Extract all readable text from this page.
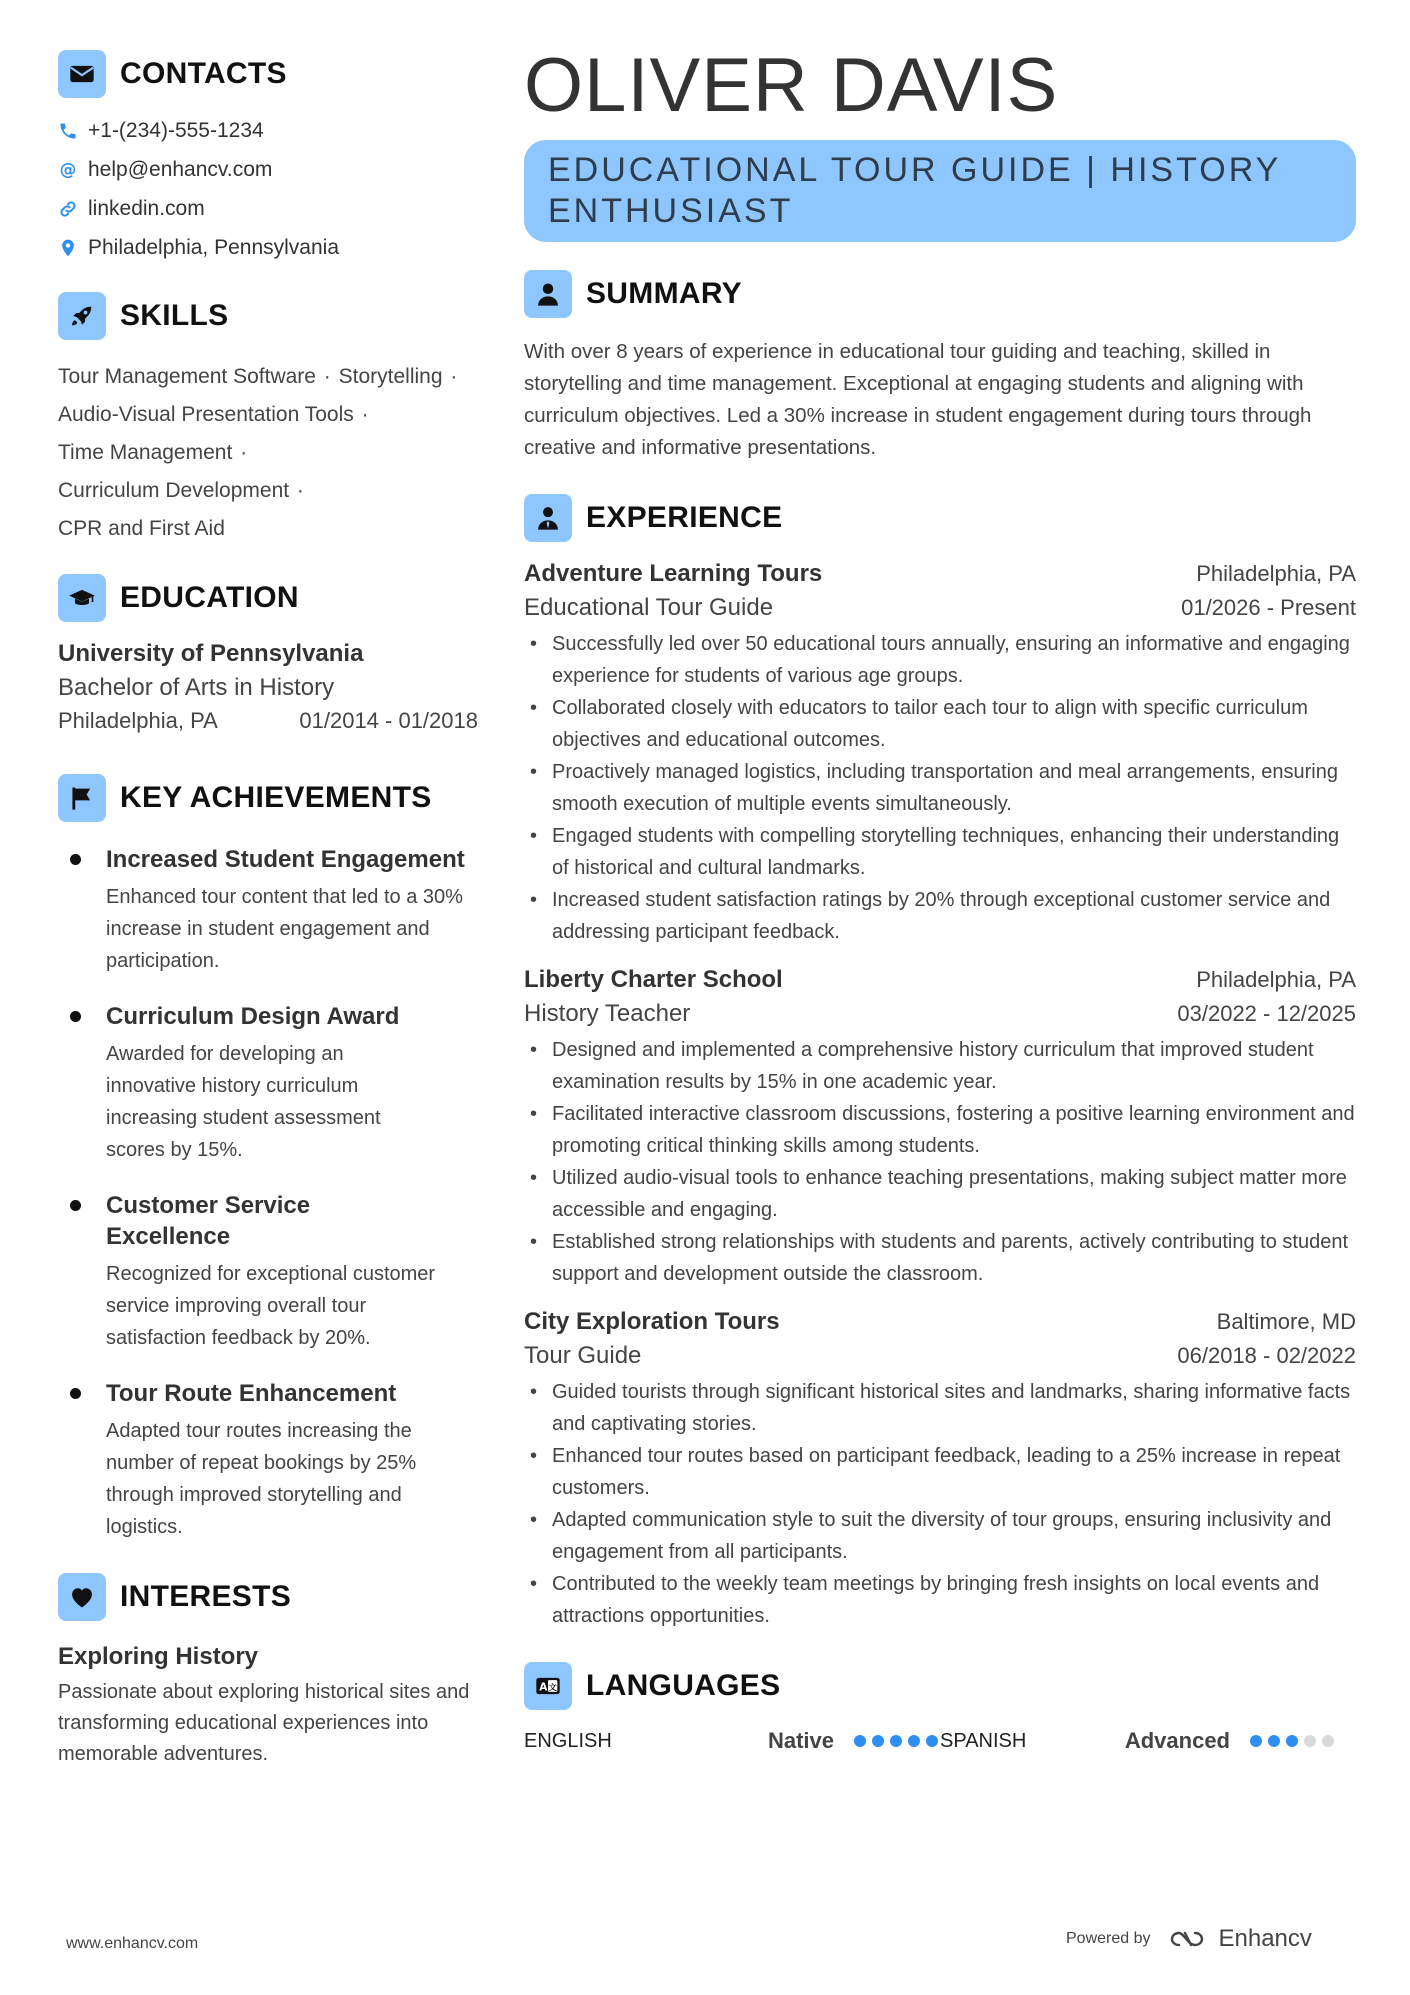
CONTACTS
+1-(234)-555-1234
@ help@enhancv.com
linkedin.com
Philadelphia, Pennsylvania
SKILLS
Tour Management Software · Storytelling ·
Audio-Visual Presentation Tools ·
Time Management ·
Curriculum Development ·
CPR and First Aid
EDUCATION
University of Pennsylvania
Bachelor of Arts in History
Philadelphia, PA	01/2014 - 01/2018
KEY ACHIEVEMENTS
Increased Student Engagement
Enhanced tour content that led to a 30% increase in student engagement and participation.
Curriculum Design Award
Awarded for developing an innovative history curriculum increasing student assessment scores by 15%.
Customer Service Excellence
Recognized for exceptional customer service improving overall tour satisfaction feedback by 20%.
Tour Route Enhancement
Adapted tour routes increasing the number of repeat bookings by 25% through improved storytelling and logistics.
INTERESTS
Exploring History
Passionate about exploring historical sites and transforming educational experiences into memorable adventures.
OLIVER DAVIS
EDUCATIONAL TOUR GUIDE | HISTORY ENTHUSIAST
SUMMARY

With over 8 years of experience in educational tour guiding and teaching, skilled in storytelling and time management. Exceptional at engaging students and aligning with curriculum objectives. Led a 30% increase in student engagement during tours through creative and informative presentations.

EXPERIENCE
Adventure Learning Tours	Philadelphia, PA
Educational Tour Guide	01/2026 - Present
• Successfully led over 50 educational tours annually, ensuring an informative and engaging experience for students of various age groups.
• Collaborated closely with educators to tailor each tour to align with specific curriculum objectives and educational outcomes.
• Proactively managed logistics, including transportation and meal arrangements, ensuring smooth execution of multiple events simultaneously.
• Engaged students with compelling storytelling techniques, enhancing their understanding of historical and cultural landmarks.
• Increased student satisfaction ratings by 20% through exceptional customer service and addressing participant feedback.
Liberty Charter School	Philadelphia, PA
History Teacher	03/2022 - 12/2025
• Designed and implemented a comprehensive history curriculum that improved student examination results by 15% in one academic year.
• Facilitated interactive classroom discussions, fostering a positive learning environment and promoting critical thinking skills among students.
• Utilized audio-visual tools to enhance teaching presentations, making subject matter more accessible and engaging.
• Established strong relationships with students and parents, actively contributing to student support and development outside the classroom.
City Exploration Tours	Baltimore, MD
Tour Guide	06/2018 - 02/2022
• Guided tourists through significant historical sites and landmarks, sharing informative facts and captivating stories.
• Enhanced tour routes based on participant feedback, leading to a 25% increase in repeat customers.
• Adapted communication style to suit the diversity of tour groups, ensuring inclusivity and engagement from all participants.
• Contributed to the weekly team meetings by bringing fresh insights on local events and attractions opportunities.
A 文 LANGUAGES
ENGLISH	Native	SPANISH	Advanced
www.enhancv.com	Powered by	Enhancv
